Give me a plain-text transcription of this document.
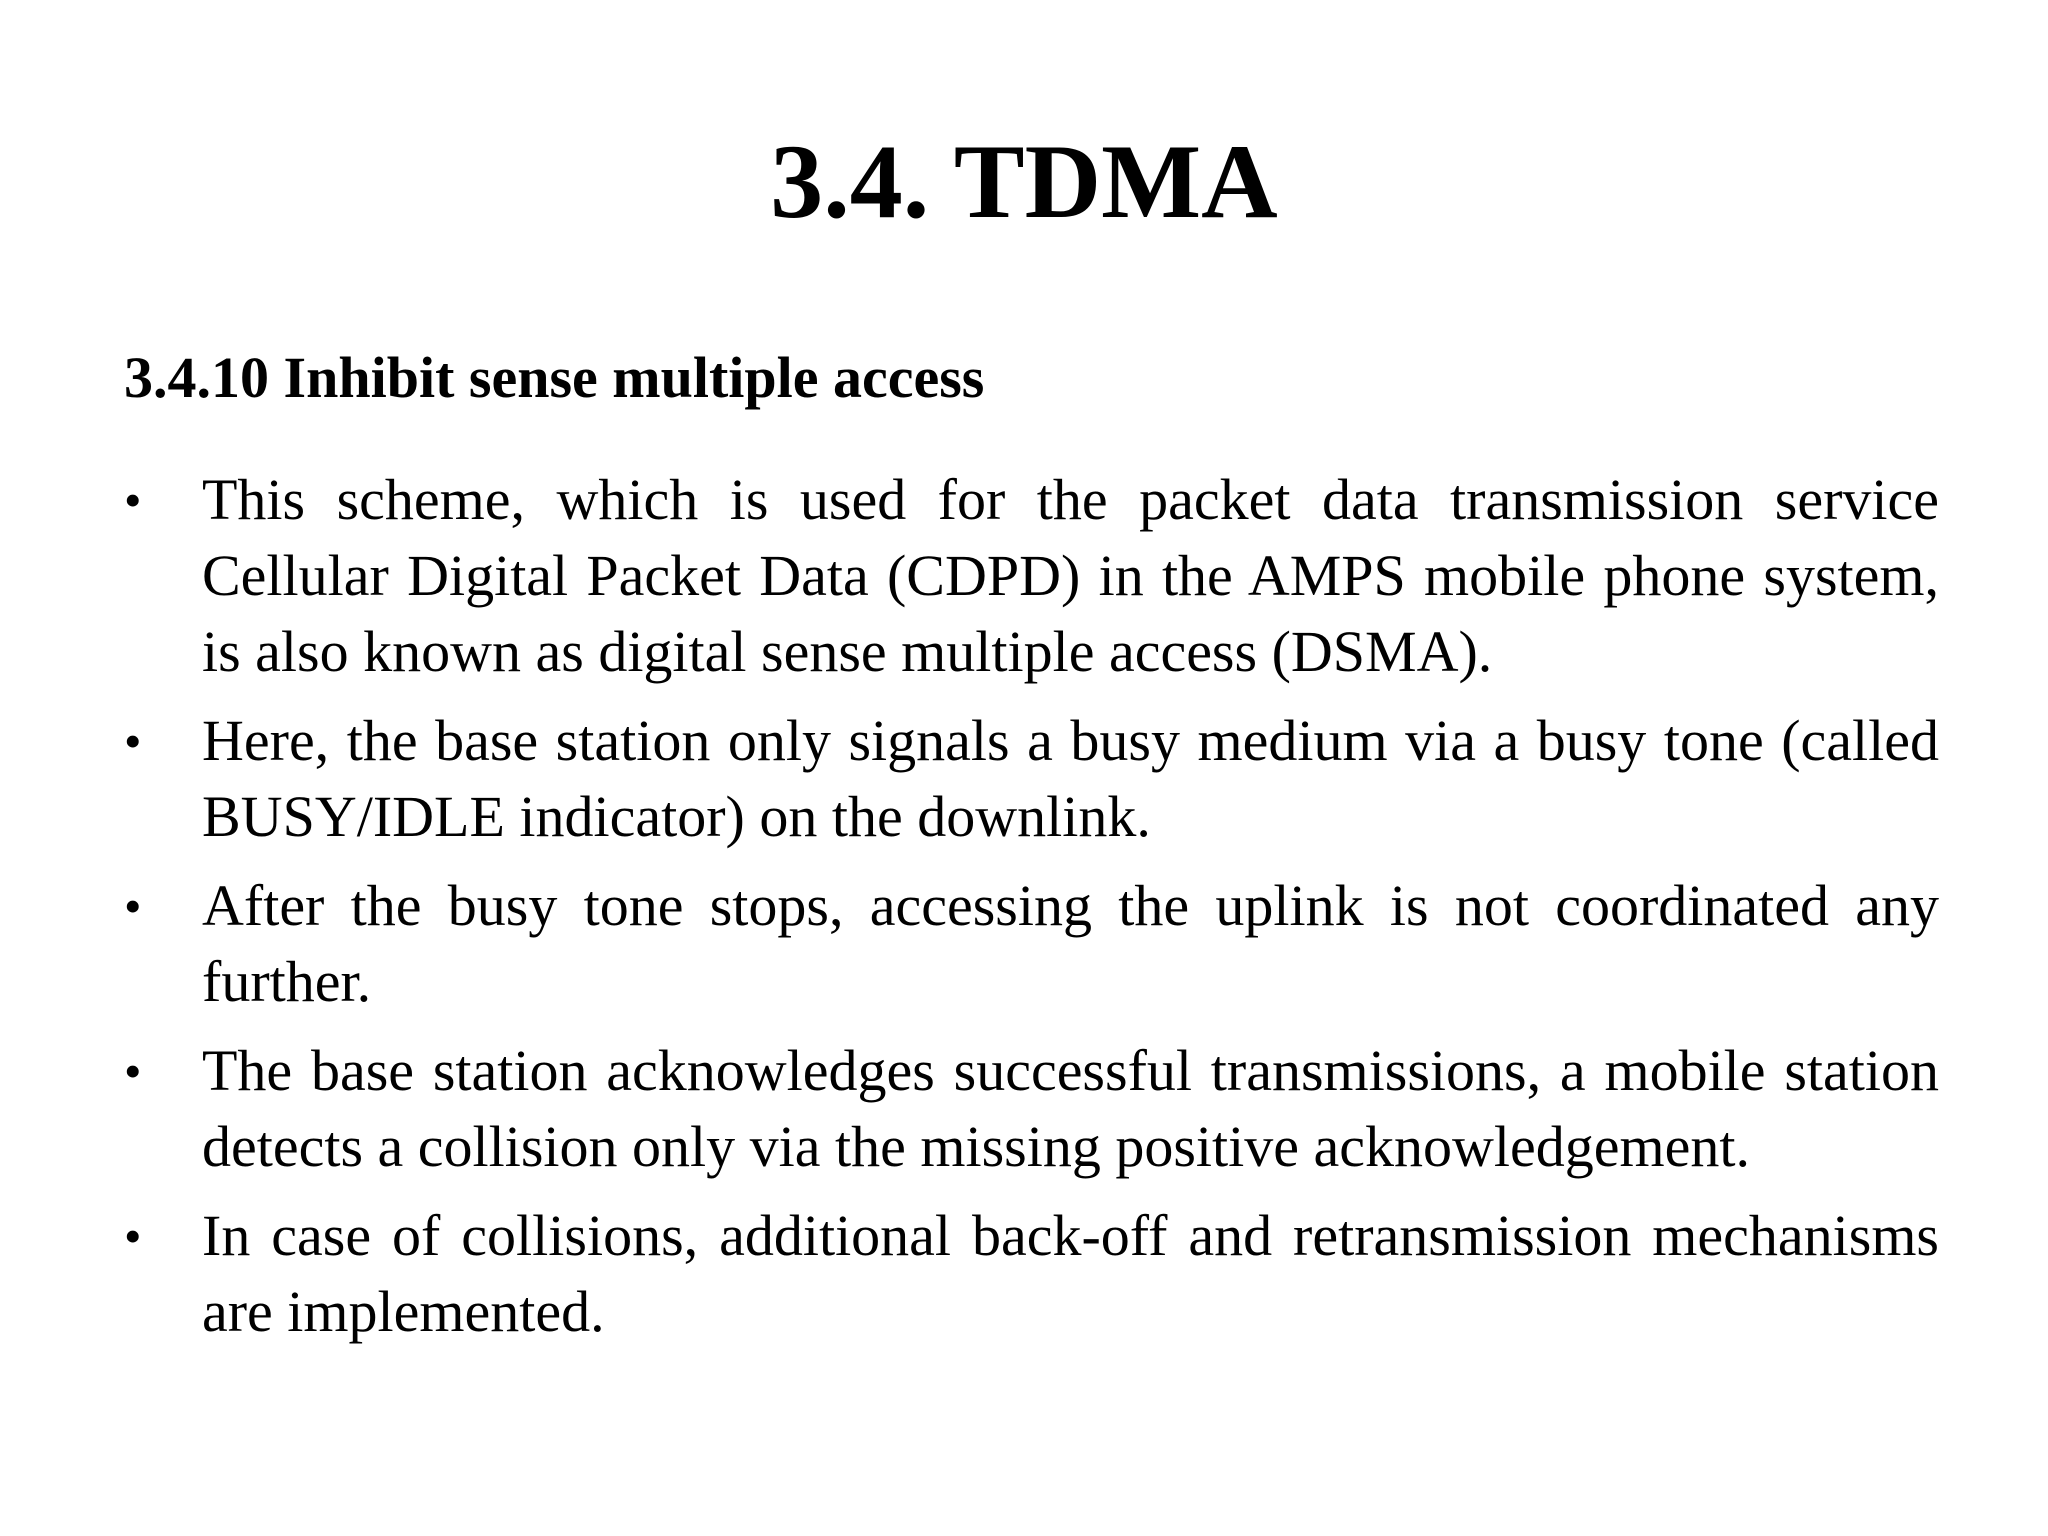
3.4. TDMA
3.4.10 Inhibit sense multiple access
•	This scheme, which is used for the packet data transmission service Cellular Digital Packet Data (CDPD) in the AMPS mobile phone system, is also known as digital sense multiple access (DSMA).
•	Here, the base station only signals a busy medium via a busy tone (called BUSY/IDLE indicator) on the downlink.
•	After the busy tone stops, accessing the uplink is not coordinated any further.
•	The base station acknowledges successful transmissions, a mobile station detects a collision only via the missing positive acknowledgement.
•	In case of collisions, additional back-off and retransmission mechanisms are implemented.
